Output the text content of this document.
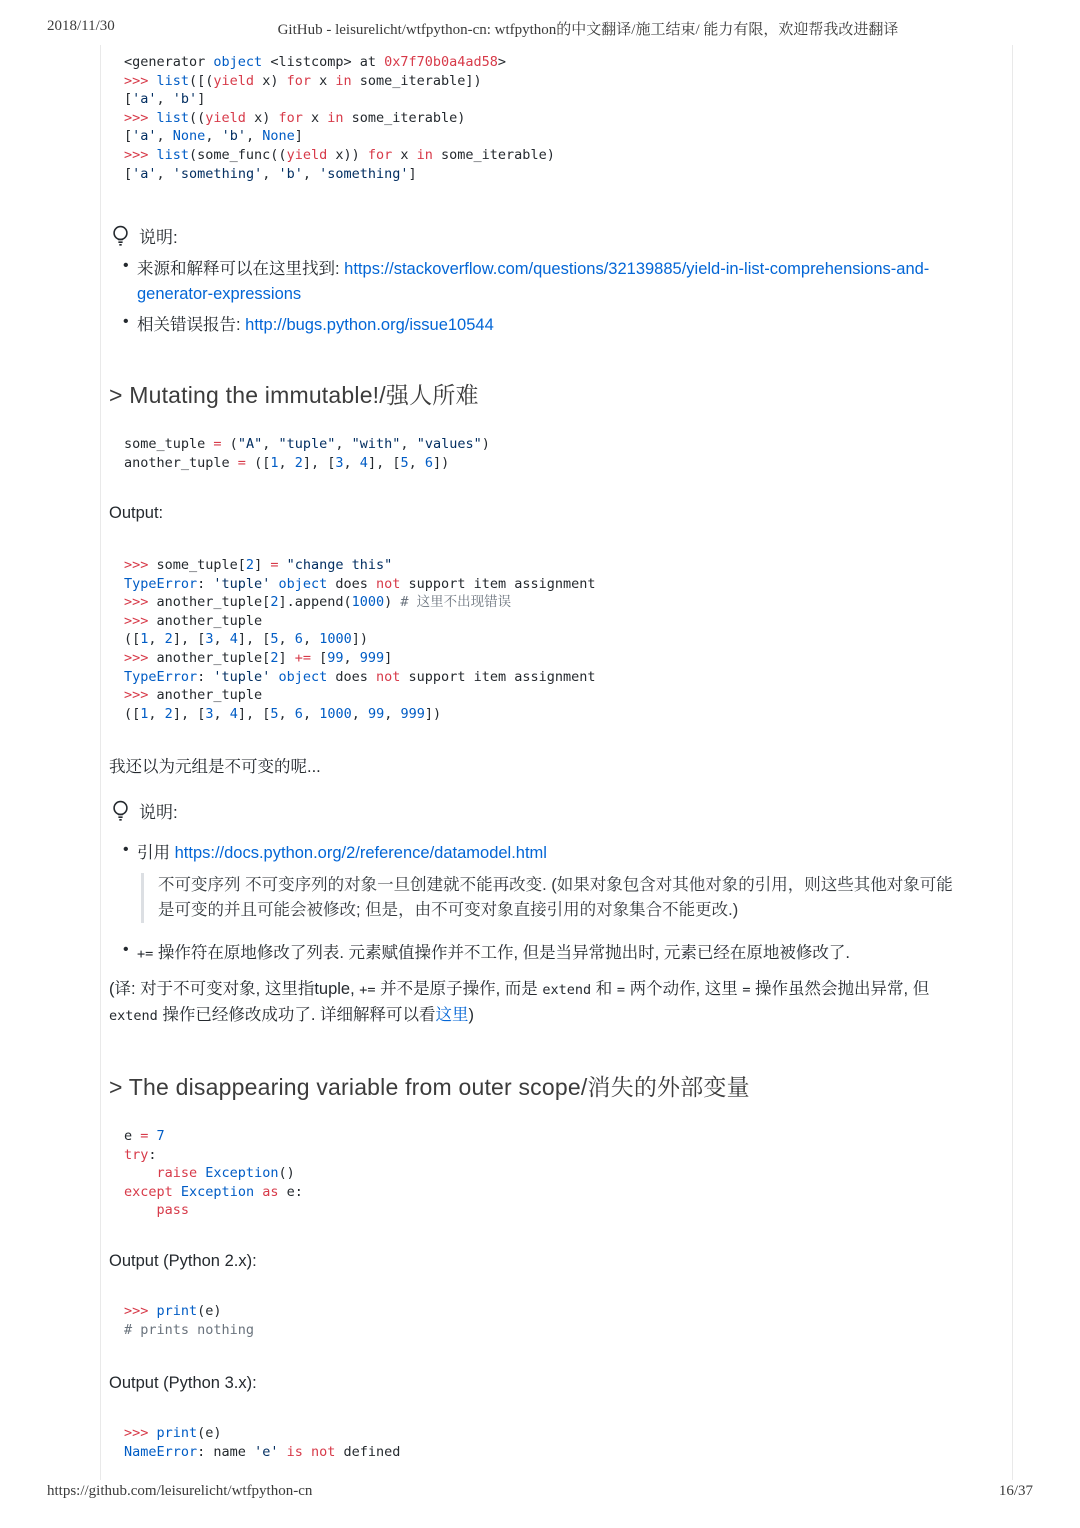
2018/11/30	GitHub - leisurelicht/wtfpython-cn: wtfpython的中文翻译/施工结束/ 能力有限，欢迎帮我改进翻译
<generator object <listcomp> at 0x7f70b0a4ad58>
>>> list([(yield x) for x in some_iterable])
['a', 'b']
>>> list((yield x) for x in some_iterable)
['a', None, 'b', None]
>>> list(some_func((yield x)) for x in some_iterable)
['a', 'something', 'b', 'something']
说明:
• 来源和解释可以在这里找到: https://stackoverflow.com/questions/32139885/yield-in-list-comprehensions-and-generator-expressions
• 相关错误报告: http://bugs.python.org/issue10544
> Mutating the immutable!/强人所难
some_tuple = ("A", "tuple", "with", "values")
another_tuple = ([1, 2], [3, 4], [5, 6])
Output:
>>> some_tuple[2] = "change this"
TypeError: 'tuple' object does not support item assignment
>>> another_tuple[2].append(1000) # 这里不出现错误
>>> another_tuple
([1, 2], [3, 4], [5, 6, 1000])
>>> another_tuple[2] += [99, 999]
TypeError: 'tuple' object does not support item assignment
>>> another_tuple
([1, 2], [3, 4], [5, 6, 1000, 99, 999])
我还以为元组是不可变的呢...
说明:
• 引用 https://docs.python.org/2/reference/datamodel.html
不可变序列 不可变序列的对象一旦创建就不能再改变. (如果对象包含对其他对象的引用，则这些其他对象可能是可变的并且可能会被修改; 但是，由不可变对象直接引用的对象集合不能更改.)
• += 操作符在原地修改了列表. 元素赋值操作并不工作, 但是当异常抛出时, 元素已经在原地被修改了.
(译: 对于不可变对象, 这里指tuple, += 并不是原子操作, 而是 extend 和 = 两个动作, 这里 = 操作虽然会抛出异常, 但 extend 操作已经修改成功了. 详细解释可以看这里)
> The disappearing variable from outer scope/消失的外部变量
e = 7
try:
raise Exception()
except Exception as e:
pass
Output (Python 2.x):
>>> print(e)
# prints nothing
Output (Python 3.x):
>>> print(e)
NameError: name 'e' is not defined
https://github.com/leisurelicht/wtfpython-cn	16/37
